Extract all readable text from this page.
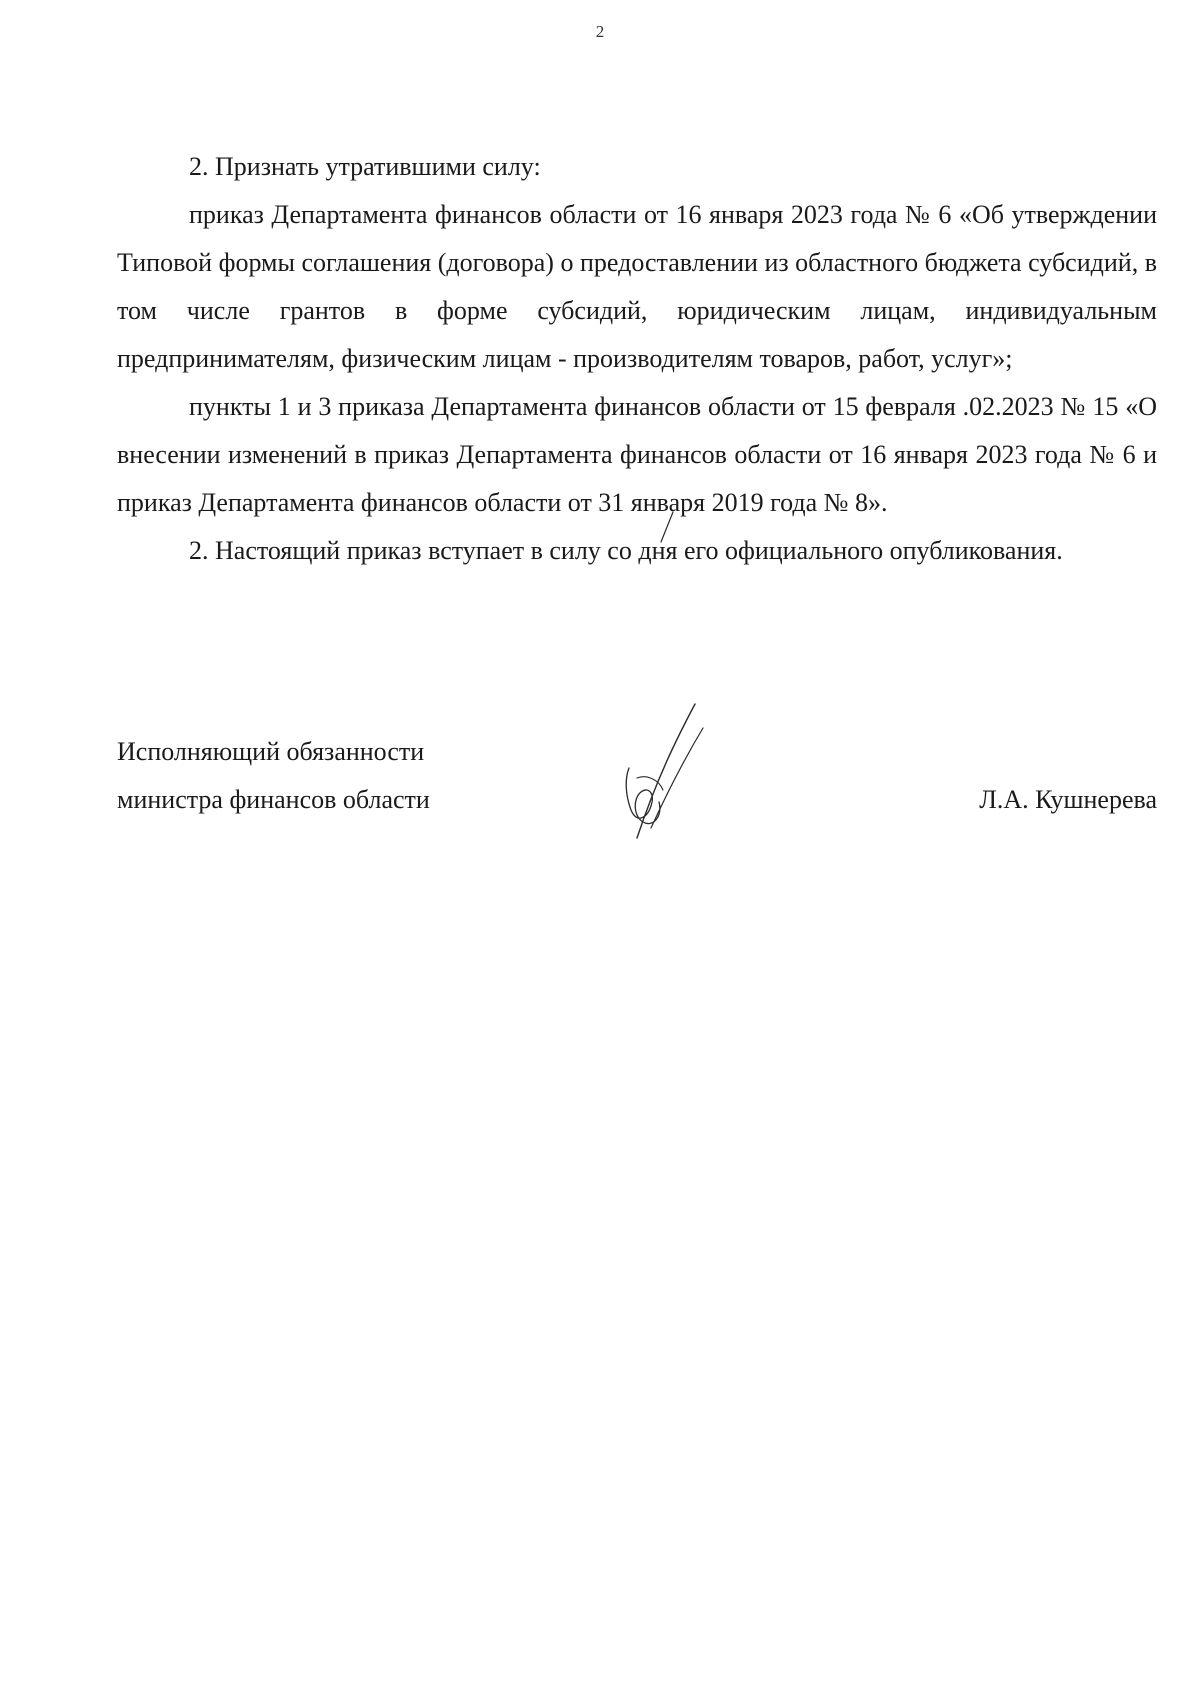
2

2. Признать утратившими силу:

приказ Департамента финансов области от 16 января 2023 года № 6 «Об утверждении Типовой формы соглашения (договора) о предоставлении из областного бюджета субсидий, в том числе грантов в форме субсидий, юридическим лицам, индивидуальным предпринимателям, физическим лицам - производителям товаров, работ, услуг»;

пункты 1 и 3 приказа Департамента финансов области от 15 февраля .02.2023 № 15 «О внесении изменений в приказ Департамента финансов области от 16 января 2023 года № 6 и приказ Департамента финансов области от 31 января 2019 года № 8».

2. Настоящий приказ вступает в силу со дня его официального опубликования.

Исполняющий обязанности
министра финансов области	Л.А. Кушнерева
